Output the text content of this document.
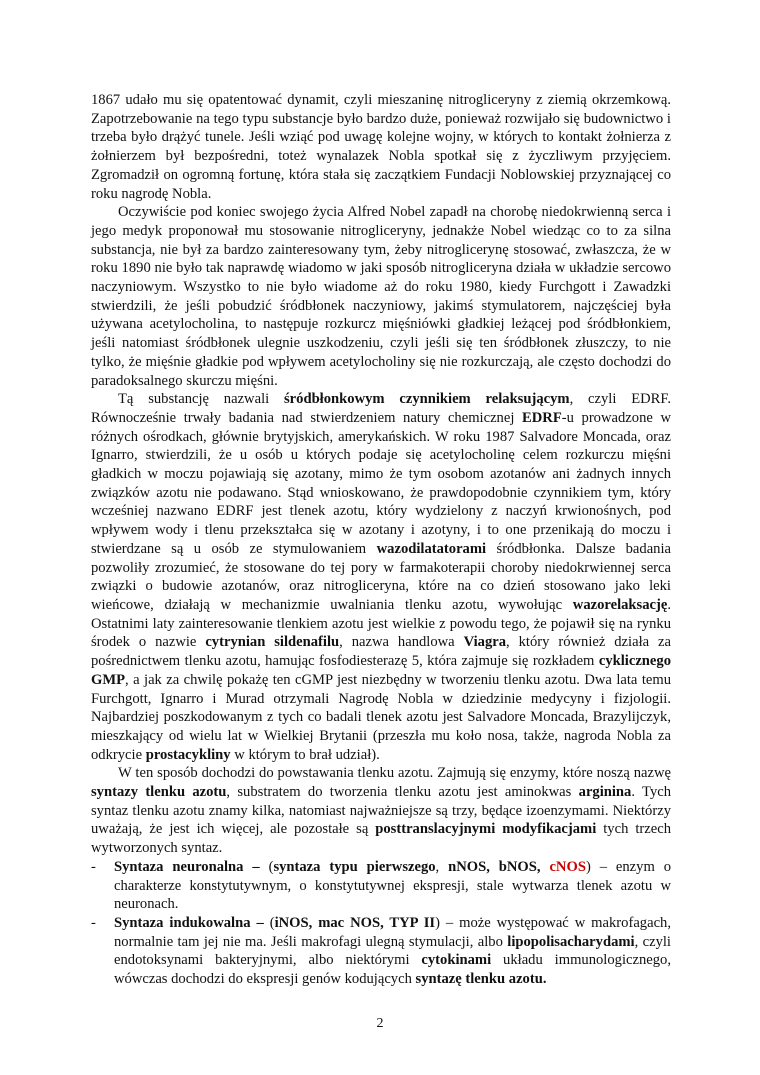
1867 udało mu się opatentować dynamit, czyli mieszaninę nitrogliceryny z ziemią okrzemkową. Zapotrzebowanie na tego typu substancje było bardzo duże, ponieważ rozwijało się budownictwo i trzeba było drążyć tunele. Jeśli wziąć pod uwagę kolejne wojny, w których to kontakt żołnierza z żołnierzem był bezpośredni, toteż wynalazek Nobla spotkał się z życzliwym przyjęciem. Zgromadził on ogromną fortunę, która stała się zaczątkiem Fundacji Noblowskiej przyznającej co roku nagrodę Nobla.

Oczywiście pod koniec swojego życia Alfred Nobel zapadł na chorobę niedokrwienną serca i jego medyk proponował mu stosowanie nitrogliceryny, jednakże Nobel wiedząc co to za silna substancja, nie był za bardzo zainteresowany tym, żeby nitroglicerynę stosować, zwłaszcza, że w roku 1890 nie było tak naprawdę wiadomo w jaki sposób nitrogliceryna działa w układzie sercowo naczyniowym. Wszystko to nie było wiadome aż do roku 1980, kiedy Furchgott i Zawadzki stwierdzili, że jeśli pobudzić śródbłonek naczyniowy, jakimś stymulatorem, najczęściej była używana acetylocholina, to następuje rozkurcz mięśniówki gładkiej leżącej pod śródbłonkiem, jeśli natomiast śródbłonek ulegnie uszkodzeniu, czyli jeśli się ten śródbłonek złuszczy, to nie tylko, że mięśnie gładkie pod wpływem acetylocholiny się nie rozkurczają, ale często dochodzi do paradoksalnego skurczu mięśni.

Tą substancję nazwali śródbłonkowym czynnikiem relaksującym, czyli EDRF. Równocześnie trwały badania nad stwierdzeniem natury chemicznej EDRF-u prowadzone w różnych ośrodkach, głównie brytyjskich, amerykańskich. W roku 1987 Salvadore Moncada, oraz Ignarro, stwierdzili, że u osób u których podaje się acetylocholinę celem rozkurczu mięśni gładkich w moczu pojawiają się azotany, mimo że tym osobom azotanów ani żadnych innych związków azotu nie podawano. Stąd wnioskowano, że prawdopodobnie czynnikiem tym, który wcześniej nazwano EDRF jest tlenek azotu, który wydzielony z naczyń krwionośnych, pod wpływem wody i tlenu przekształca się w azotany i azotyny, i to one przenikają do moczu i stwierdzane są u osób ze stymulowaniem wazodilatatorami śródbłonka. Dalsze badania pozwoliły zrozumieć, że stosowane do tej pory w farmakoterapii choroby niedokrwiennej serca związki o budowie azotanów, oraz nitrogliceryna, które na co dzień stosowano jako leki wieńcowe, działają w mechanizmie uwalniania tlenku azotu, wywołując wazorelaksację. Ostatnimi laty zainteresowanie tlenkiem azotu jest wielkie z powodu tego, że pojawił się na rynku środek o nazwie cytrynian sildenafilu, nazwa handlowa Viagra, który również działa za pośrednictwem tlenku azotu, hamując fosfodiesterazę 5, która zajmuje się rozkładem cyklicznego GMP, a jak za chwilę pokażę ten cGMP jest niezbędny w tworzeniu tlenku azotu. Dwa lata temu Furchgott, Ignarro i Murad otrzymali Nagrodę Nobla w dziedzinie medycyny i fizjologii. Najbardziej poszkodowanym z tych co badali tlenek azotu jest Salvadore Moncada, Brazylijczyk, mieszkający od wielu lat w Wielkiej Brytanii (przeszła mu koło nosa, także, nagroda Nobla za odkrycie prostacykliny w którym to brał udział).

W ten sposób dochodzi do powstawania tlenku azotu. Zajmują się enzymy, które noszą nazwę syntazy tlenku azotu, substratem do tworzenia tlenku azotu jest aminokwas arginina. Tych syntaz tlenku azotu znamy kilka, natomiast najważniejsze są trzy, będące izoenzymami. Niektórzy uważają, że jest ich więcej, ale pozostałe są posttranslacyjnymi modyfikacjami tych trzech wytworzonych syntaz.

- Syntaza neuronalna – (syntaza typu pierwszego, nNOS, bNOS, cNOS) – enzym o charakterze konstytutywnym, o konstytutywnej ekspresji, stale wytwarza tlenek azotu w neuronach.
- Syntaza indukowalna – (iNOS, mac NOS, TYP II) – może występować w makrofagach, normalnie tam jej nie ma. Jeśli makrofagi ulegną stymulacji, albo lipopolisacharydami, czyli endotoksynami bakteryjnymi, albo niektórymi cytokinami układu immunologicznego, wówczas dochodzi do ekspresji genów kodujących syntazę tlenku azotu.
2
